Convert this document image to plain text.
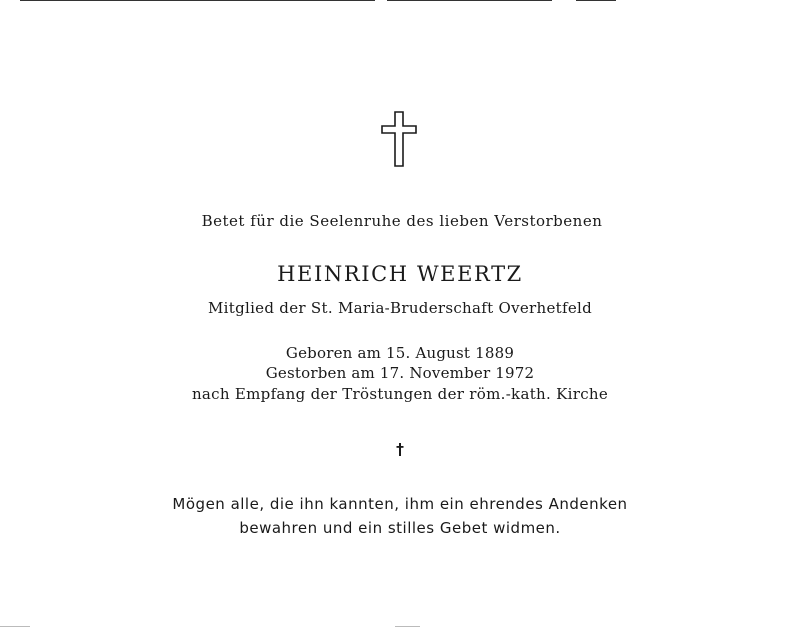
Betet für die Seelenruhe des lieben Verstorbenen
HEINRICH WEERTZ
Mitglied der St. Maria-Bruderschaft Overhetfeld
Geboren am 15. August 1889
Gestorben am 17. November 1972
nach Empfang der Tröstungen der röm.-kath. Kirche
Mögen alle, die ihn kannten, ihm ein ehrendes Andenken
bewahren und ein stilles Gebet widmen.
